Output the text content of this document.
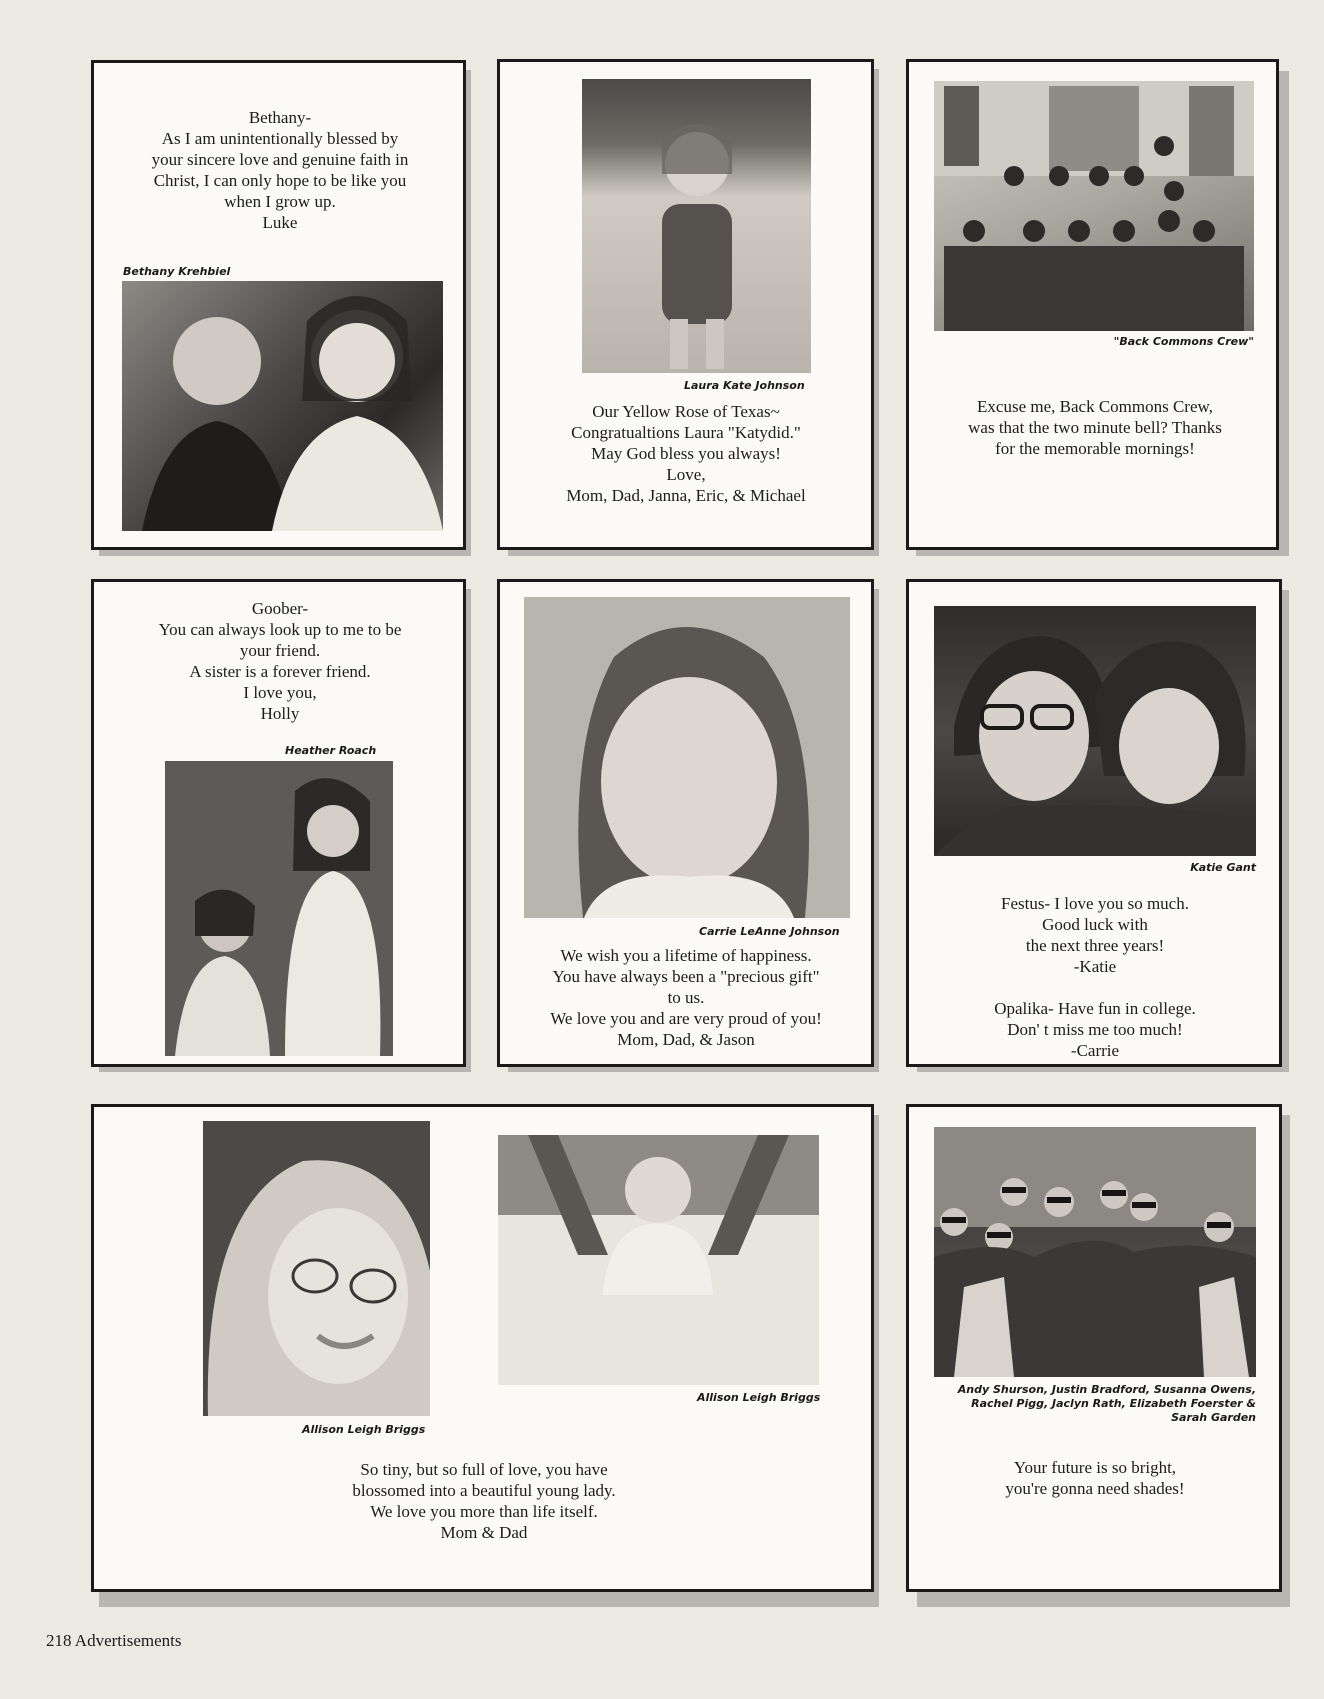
Bethany-
As I am unintentionally blessed by
your sincere love and genuine faith in
Christ, I can only hope to be like you
when I grow up.
Luke
Bethany Krehbiel
Laura Kate Johnson
Our Yellow Rose of Texas~
Congratualtions Laura "Katydid."
May God bless you always!
Love,
Mom, Dad, Janna, Eric, & Michael
"Back Commons Crew"
Excuse me, Back Commons Crew,
was that the two minute bell? Thanks
for the memorable mornings!
Goober-
You can always look up to me to be
your friend.
A sister is a forever friend.
I love you,
Holly
Heather Roach
Carrie LeAnne Johnson
We wish you a lifetime of happiness.
You have always been a "precious gift"
to us.
We love you and are very proud of you!
Mom, Dad, & Jason
Katie Gant
Festus- I love you so much.
Good luck with
the next three years!
-Katie

Opalika- Have fun in college.
Don' t miss me too much!
-Carrie
Allison Leigh Briggs
Allison Leigh Briggs
So tiny, but so full of love, you have
blossomed into a beautiful young lady.
We love you more than life itself.
Mom & Dad
Andy Shurson, Justin Bradford, Susanna Owens,
Rachel Pigg, Jaclyn Rath, Elizabeth Foerster &
Sarah Garden
Your future is so bright,
you're gonna need shades!
218 Advertisements
